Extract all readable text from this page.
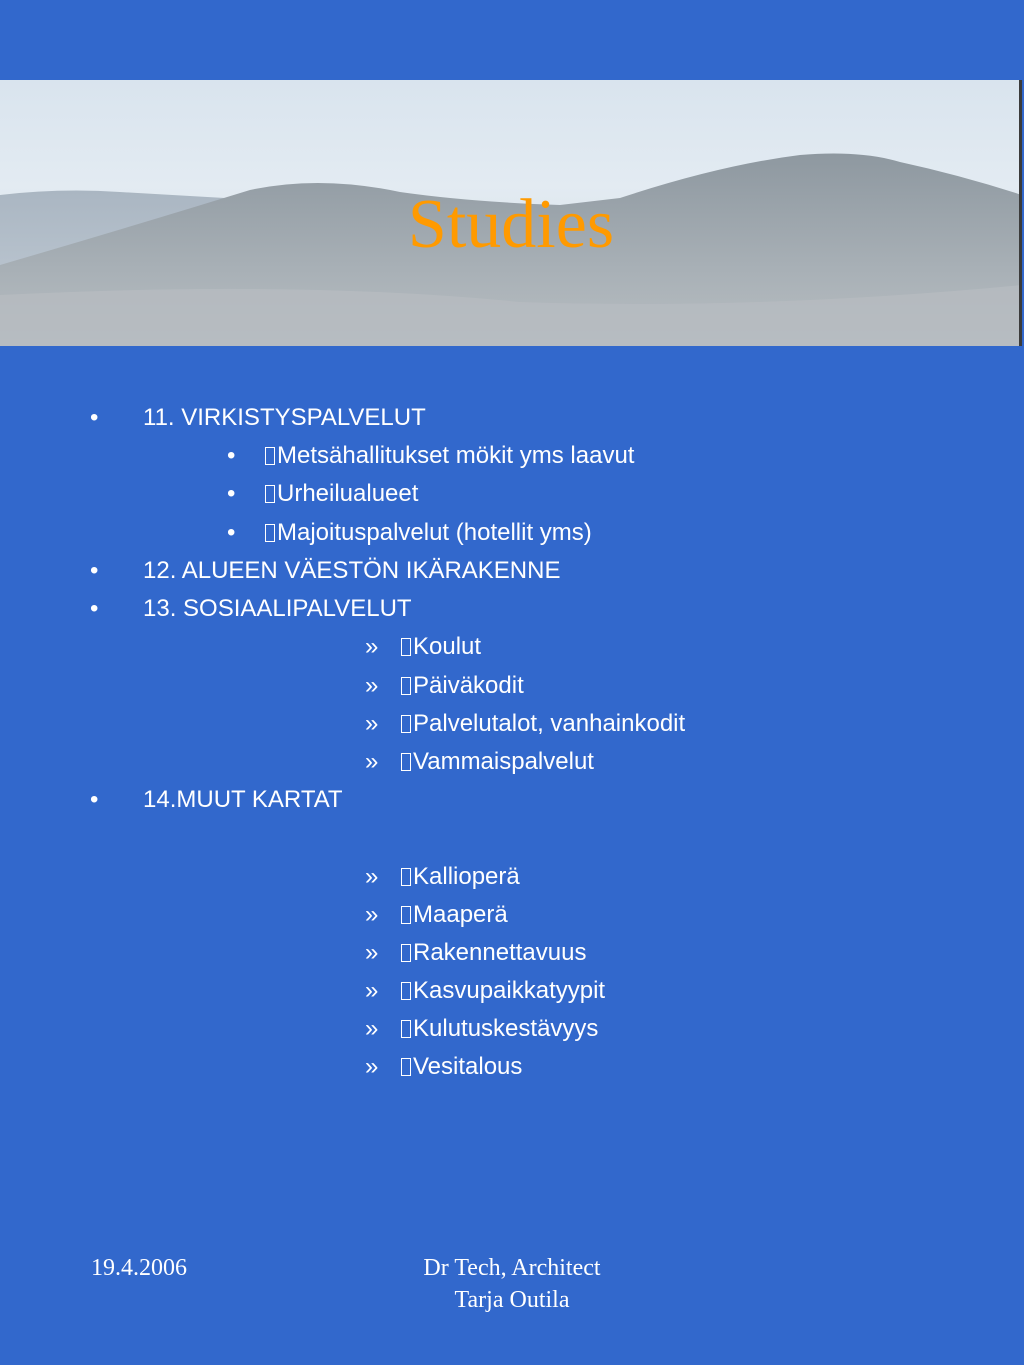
Studies
• 11. VIRKISTYSPALVELUT
•	Metsähallitukset mökit yms laavut
•	Urheilualueet
•	Majoituspalvelut (hotellit yms)
• 12. ALUEEN VÄESTÖN IKÄRAKENNE
• 13. SOSIAALIPALVELUT
»	Koulut
»	Päiväkodit
»	Palvelutalot, vanhainkodit
»	Vammaispalvelut
• 14.MUUT KARTAT
»	Kallioperä
»	Maaperä
»	Rakennettavuus
»	Kasvupaikkatyypit
»	Kulutuskestävyys
»	Vesitalous
19.4.2006	Dr Tech, Architect
Tarja Outila
